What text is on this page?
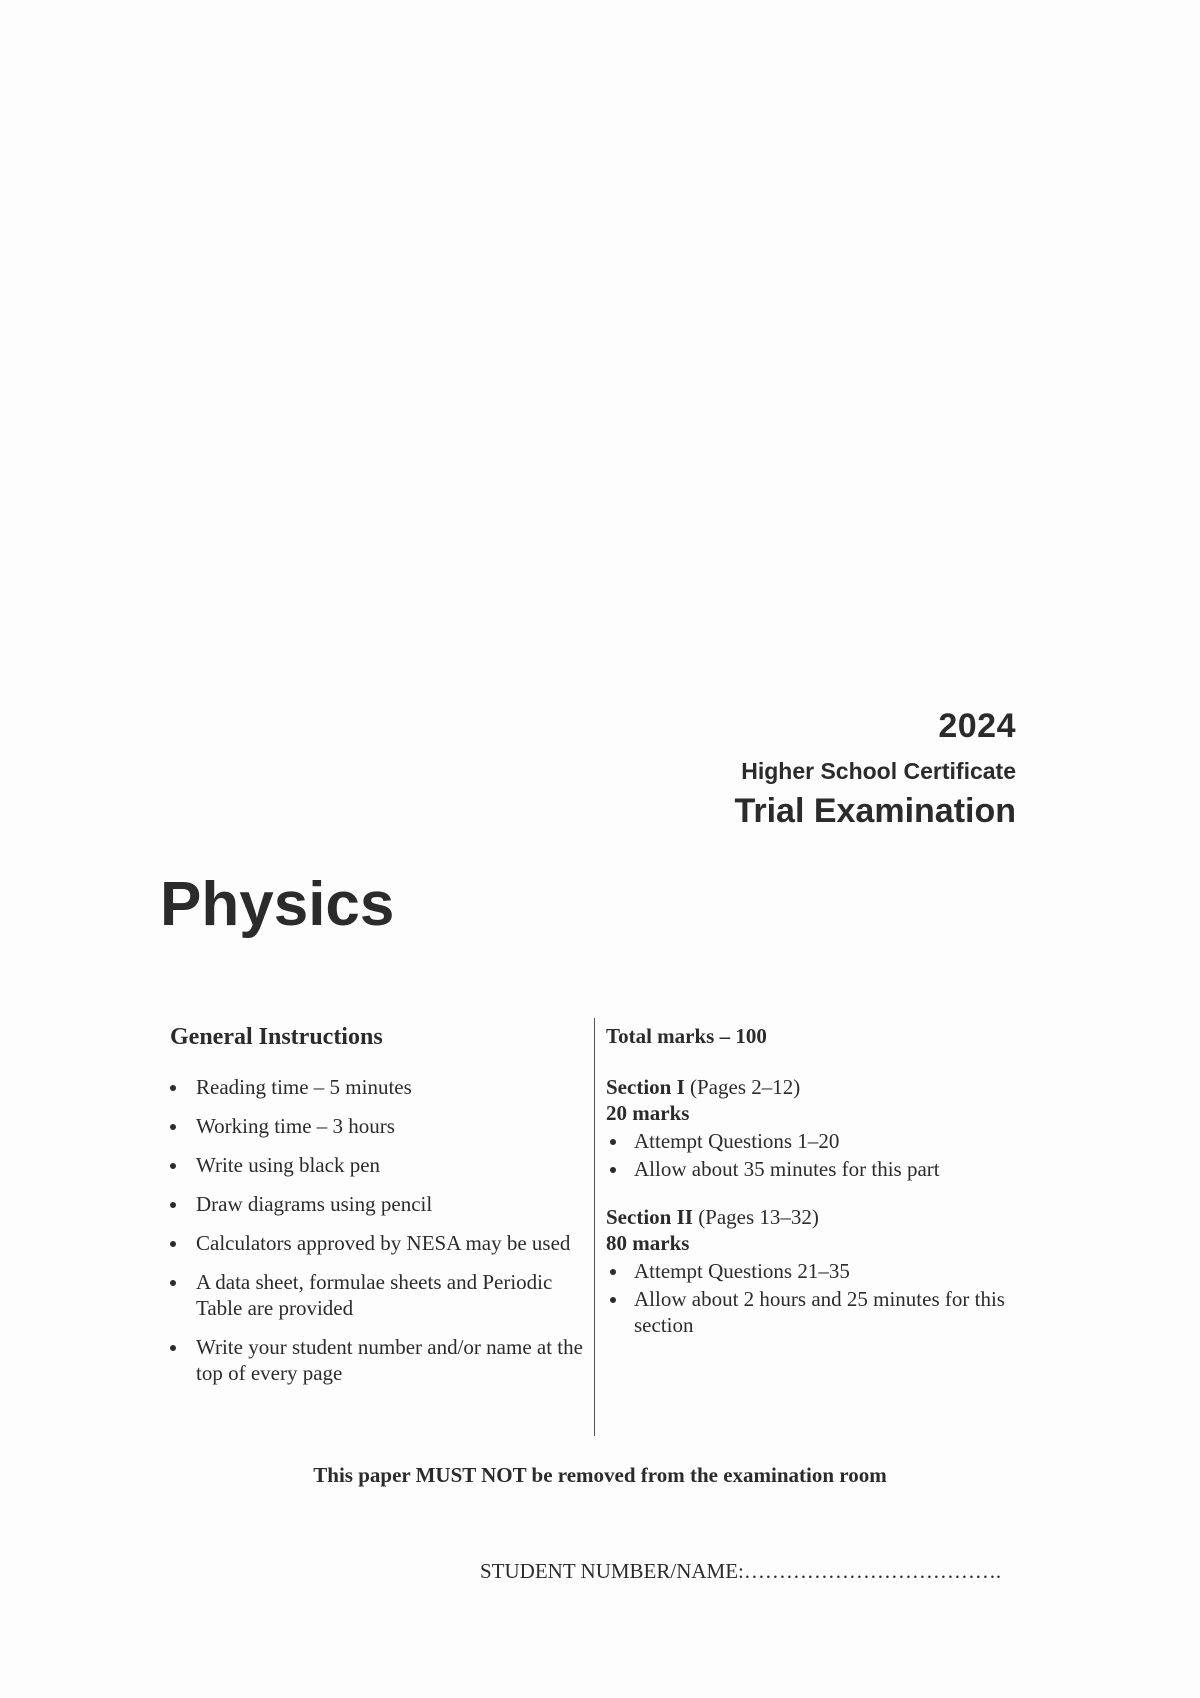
2024
Higher School Certificate
Trial Examination
Physics
General Instructions
Reading time – 5 minutes
Working time – 3 hours
Write using black pen
Draw diagrams using pencil
Calculators approved by NESA may be used
A data sheet, formulae sheets and Periodic Table are provided
Write your student number and/or name at the top of every page
Total marks – 100
Section I (Pages 2–12)
20 marks
Attempt Questions 1–20
Allow about 35 minutes for this part
Section II (Pages 13–32)
80 marks
Attempt Questions 21–35
Allow about 2 hours and 25 minutes for this section
This paper MUST NOT be removed from the examination room
STUDENT NUMBER/NAME:……………………………….
